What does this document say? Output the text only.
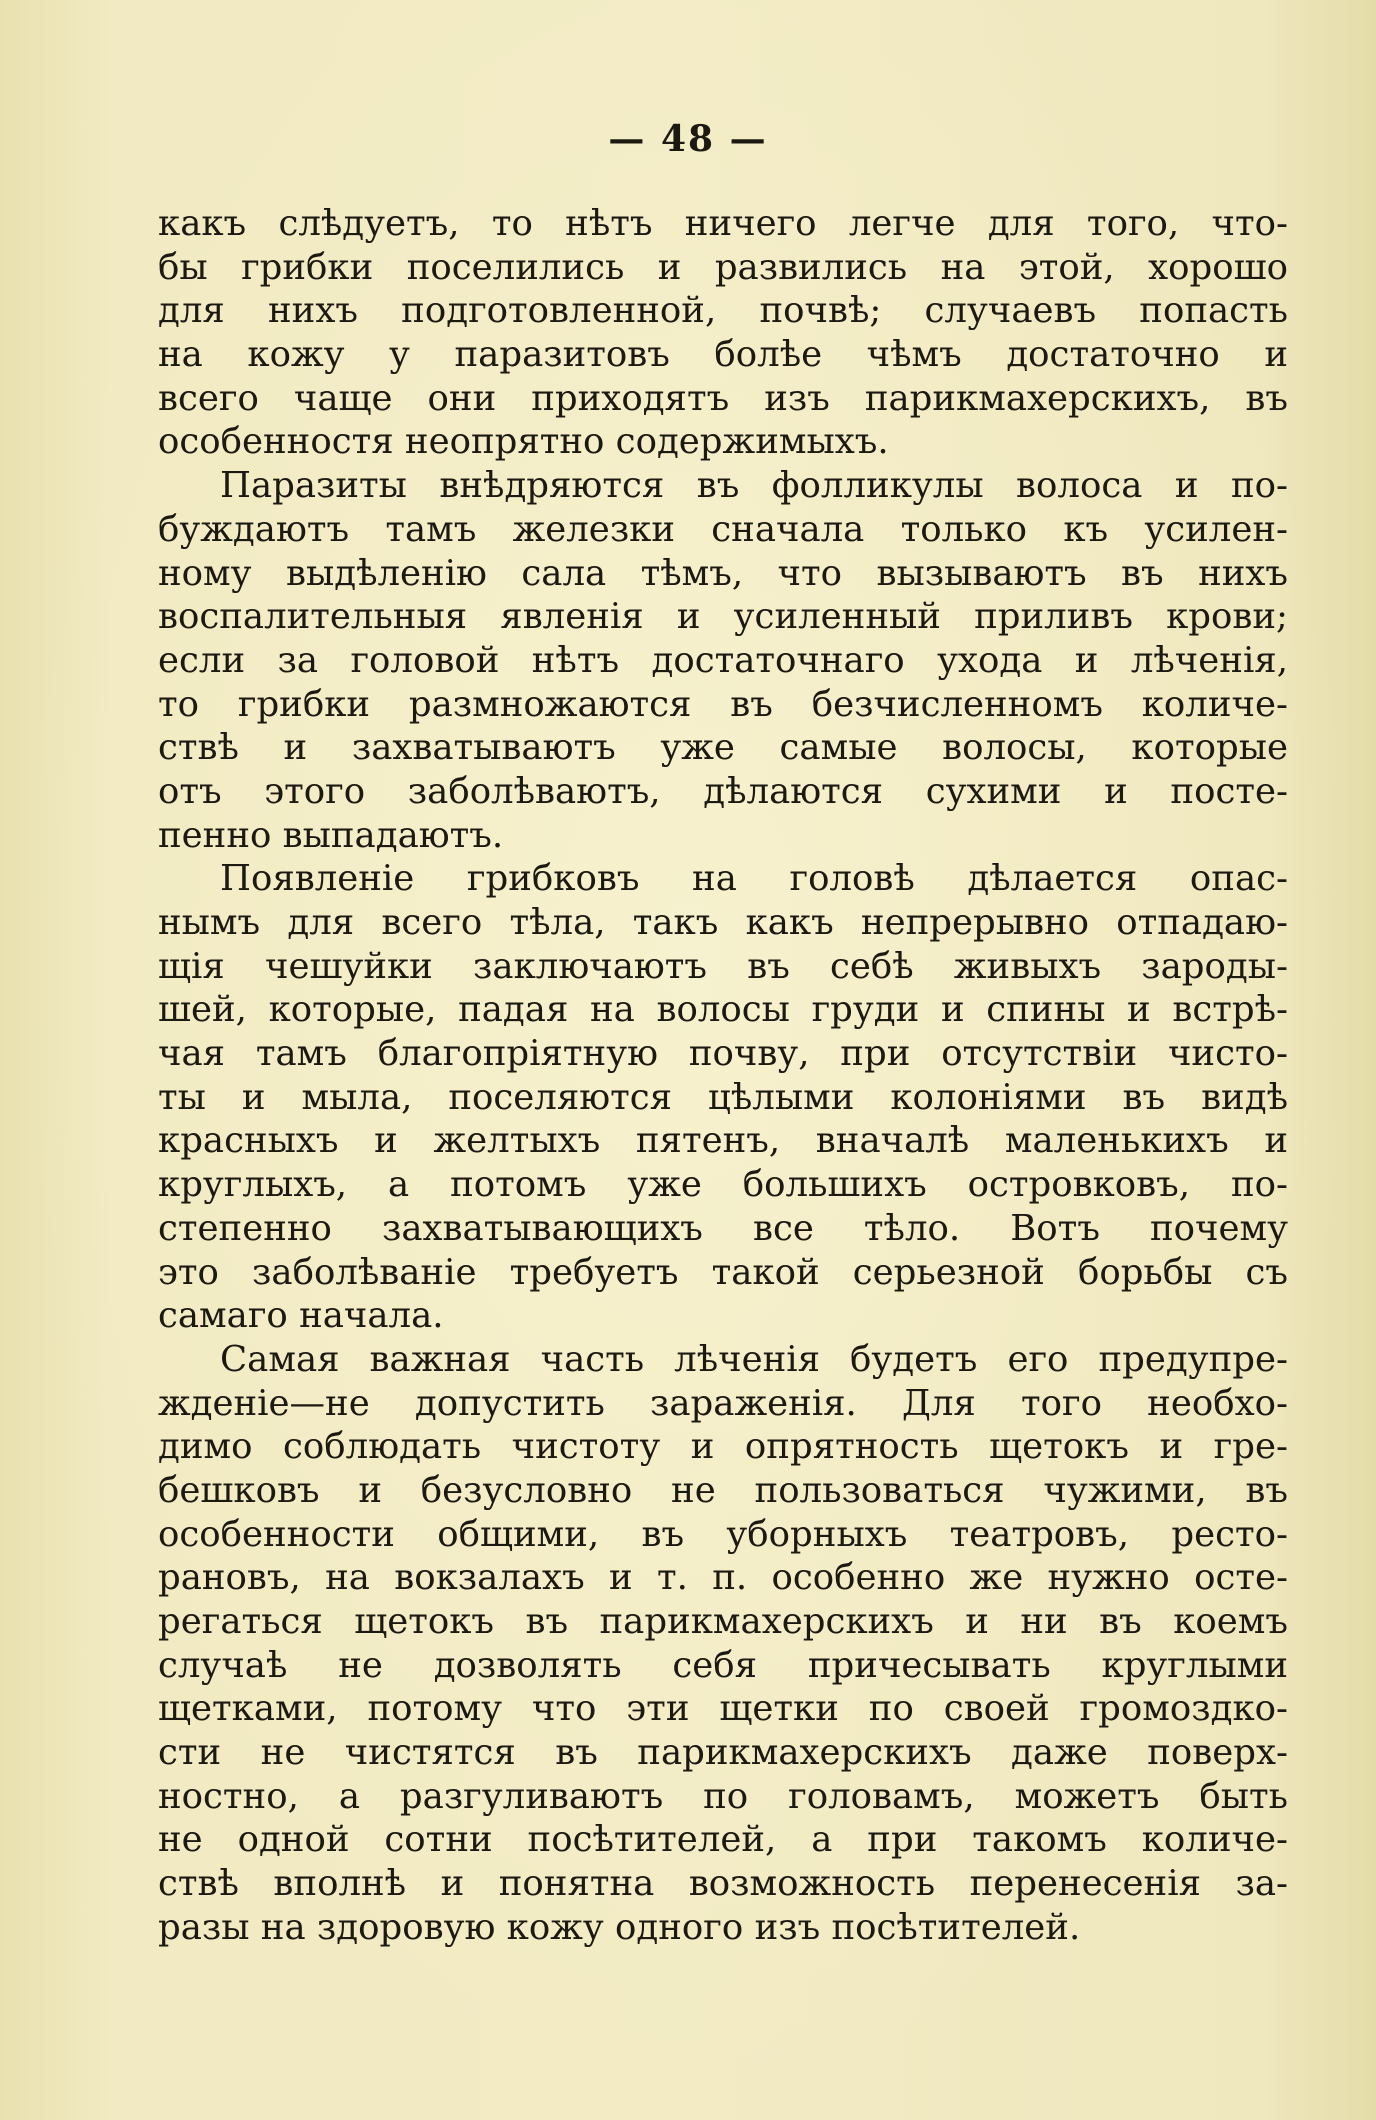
— 48 —
какъ слѣдуетъ, то нѣтъ ничего легче для того, что-
бы грибки поселились и развились на этой, хорошо
для нихъ подготовленной, почвѣ; случаевъ попасть
на кожу у паразитовъ болѣе чѣмъ достаточно и
всего чаще они приходятъ изъ парикмахерскихъ, въ
особенностя неопрятно содержимыхъ.
Паразиты внѣдряются въ фолликулы волоса и по-
буждаютъ тамъ железки сначала только къ усилен-
ному выдѣленію сала тѣмъ, что вызываютъ въ нихъ
воспалительныя явленія и усиленный приливъ крови;
если за головой нѣтъ достаточнаго ухода и лѣченія,
то грибки размножаются въ безчисленномъ количе-
ствѣ и захватываютъ уже самые волосы, которые
отъ этого заболѣваютъ, дѣлаются сухими и посте-
пенно выпадаютъ.
Появленіе грибковъ на головѣ дѣлается опас-
нымъ для всего тѣла, такъ какъ непрерывно отпадаю-
щія чешуйки заключаютъ въ себѣ живыхъ зароды-
шей, которые, падая на волосы груди и спины и встрѣ-
чая тамъ благопріятную почву, при отсутствіи чисто-
ты и мыла, поселяются цѣлыми колоніями въ видѣ
красныхъ и желтыхъ пятенъ, вначалѣ маленькихъ и
круглыхъ, а потомъ уже большихъ островковъ, по-
степенно захватывающихъ все тѣло. Вотъ почему
это заболѣваніе требуетъ такой серьезной борьбы съ
самаго начала.
Самая важная часть лѣченія будетъ его предупре-
жденіе—не допустить зараженія. Для того необхо-
димо соблюдать чистоту и опрятность щетокъ и гре-
бешковъ и безусловно не пользоваться чужими, въ
особенности общими, въ уборныхъ театровъ, ресто-
рановъ, на вокзалахъ и т. п. особенно же нужно осте-
регаться щетокъ въ парикмахерскихъ и ни въ коемъ
случаѣ не дозволять себя причесывать круглыми
щетками, потому что эти щетки по своей громоздко-
сти не чистятся въ парикмахерскихъ даже поверх-
ностно, а разгуливаютъ по головамъ, можетъ быть
не одной сотни посѣтителей, а при такомъ количе-
ствѣ вполнѣ и понятна возможность перенесенія за-
разы на здоровую кожу одного изъ посѣтителей.
